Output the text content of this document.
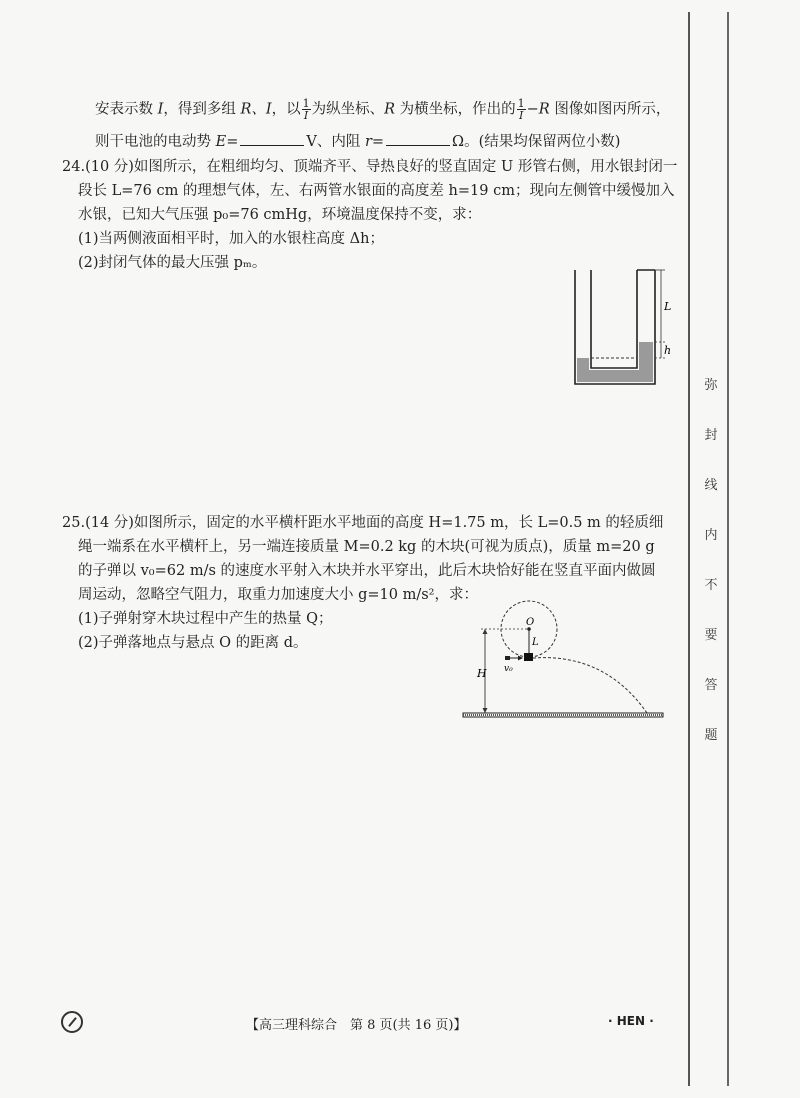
安表示数 I，得到多组 R、I，以 $\frac{1}{I}$ 为纵坐标、R 为横坐标，作出的 $\frac{1}{I} -R$ 图像如图丙所示，
则干电池的电动势 E=	V、内阻 r=	Ω。(结果均保留两位小数)
24.(10 分)如图所示，在粗细均匀、顶端齐平、导热良好的竖直固定 U 形管右侧，用水银封闭一
段长 L=76 cm 的理想气体，左、右两管水银面的高度差 h=19 cm；现向左侧管中缓慢加入
水银，已知大气压强 p₀=76 cmHg，环境温度保持不变，求：
(1)当两侧液面相平时，加入的水银柱高度 Δh；
(2)封闭气体的最大压强 pₘ。
L
h
25.(14 分)如图所示，固定的水平横杆距水平地面的高度 H=1.75 m，长 L=0.5 m 的轻质细
绳一端系在水平横杆上，另一端连接质量 M=0.2 kg 的木块(可视为质点)，质量 m=20 g
的子弹以 v₀=62 m/s 的速度水平射入木块并水平穿出，此后木块恰好能在竖直平面内做圆
周运动，忽略空气阻力，取重力加速度大小 g=10 m/s²，求：
(1)子弹射穿木块过程中产生的热量 Q；
(2)子弹落地点与悬点 O 的距离 d。
O
L
v₀
H
弥
封
线
内
不
要
答
题
【高三理科综合　第 8 页(共 16 页)】	· HEN ·
